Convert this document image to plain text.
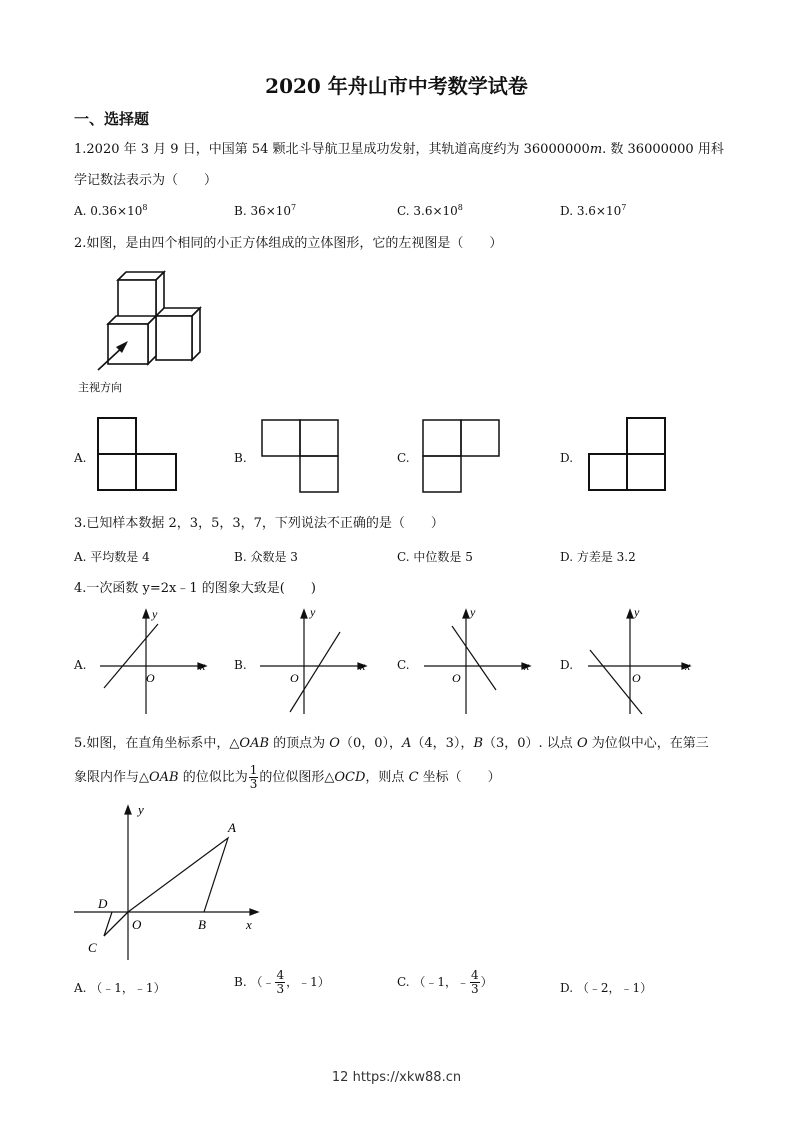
2020 年舟山市中考数学试卷
一、选择题
1.2020 年 3 月 9 日，中国第 54 颗北斗导航卫星成功发射，其轨道高度约为 36000000m. 数 36000000 用科
学记数法表示为（　　）
A. $0.36\times 10^8$	B. $36\times 10^7$	C. $3.6\times 10^8$	D. $3.6\times 10^7$
2.如图，是由四个相同的小正方体组成的立体图形，它的左视图是（　　）
主视方向
A.	B.	C.	D.
3.已知样本数据 2，3，5，3，7，下列说法不正确的是（　　）
A. 平均数是 4	B. 众数是 3	C. 中位数是 5	D. 方差是 3.2
4.一次函数 y=2x﹣1 的图象大致是(　　)
A.	x
y
O
B.	x
y
O
C.	x
y
O
D.	x
y
O
5.如图，在直角坐标系中，△OAB 的顶点为 O（0，0），A（4，3），B（3，0）. 以点 O 为位似中心，在第三
象限内作与△OAB 的位似比为 $\frac{1}{3}$ 的位似图形△OCD，则点 C 坐标（　　）
y
A
D
O	B	x
C
A. （﹣1，﹣1）	B. （﹣ $\frac{4}{3}$ ，﹣1）	C. （﹣1，﹣ $\frac{4}{3}$ ）	D. （﹣2，﹣1）
12 https://xkw88.cn
